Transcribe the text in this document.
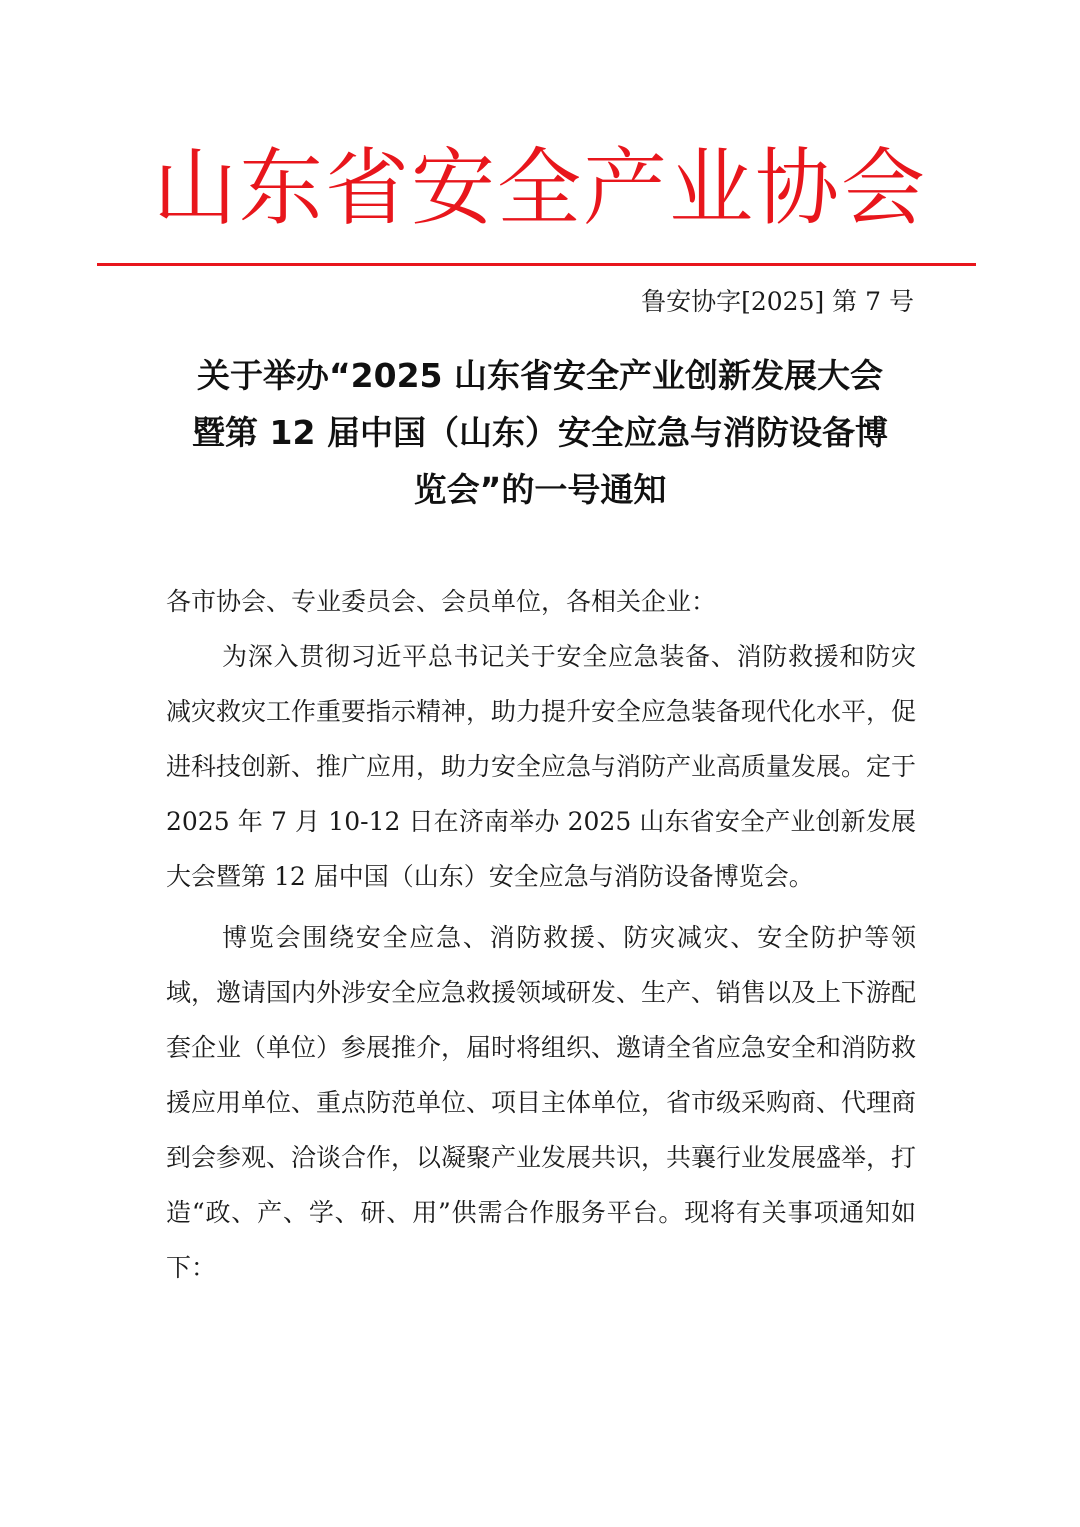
山东省安全产业协会
鲁安协字[2025] 第 7 号
关于举办“2025 山东省安全产业创新发展大会
暨第 12 届中国（山东）安全应急与消防设备博
览会”的一号通知

各市协会、专业委员会、会员单位，各相关企业：

为深入贯彻习近平总书记关于安全应急装备、消防救援和防灾减灾救灾工作重要指示精神，助力提升安全应急装备现代化水平，促进科技创新、推广应用，助力安全应急与消防产业高质量发展。定于 2025 年 7 月 10-12 日在济南举办 2025 山东省安全产业创新发展大会暨第 12 届中国（山东）安全应急与消防设备博览会。

博览会围绕安全应急、消防救援、防灾减灾、安全防护等领域，邀请国内外涉安全应急救援领域研发、生产、销售以及上下游配套企业（单位）参展推介，届时将组织、邀请全省应急安全和消防救援应用单位、重点防范单位、项目主体单位，省市级采购商、代理商到会参观、洽谈合作，以凝聚产业发展共识，共襄行业发展盛举，打造“政、产、学、研、用”供需合作服务平台。现将有关事项通知如下：
